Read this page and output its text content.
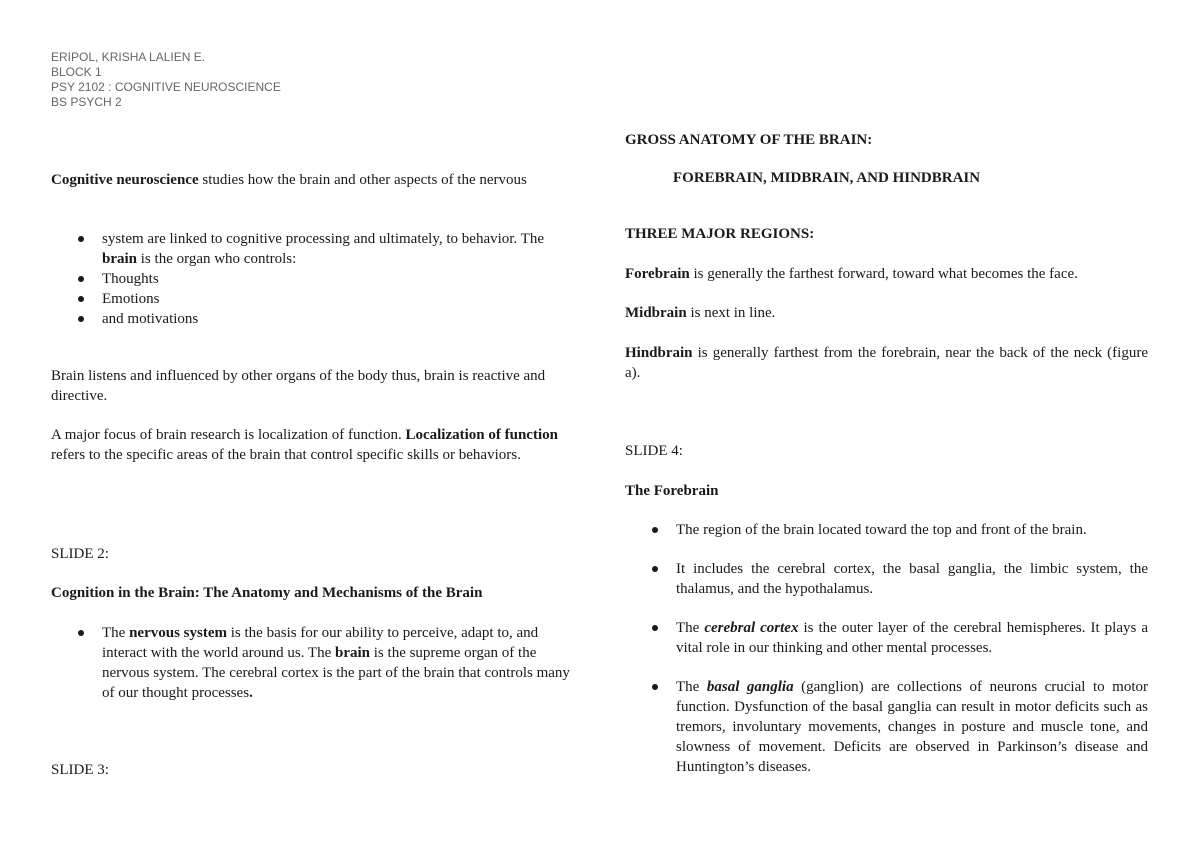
ERIPOL, KRISHA LALIEN E.
BLOCK 1
PSY 2102 : COGNITIVE NEUROSCIENCE
BS PSYCH 2

Cognitive neuroscience studies how the brain and other aspects of the nervous

system are linked to cognitive processing and ultimately, to behavior. The brain is the organ who controls:
Thoughts
Emotions
and motivations

Brain listens and influenced by other organs of the body thus, brain is reactive and directive.

A major focus of brain research is localization of function. Localization of function refers to the specific areas of the brain that control specific skills or behaviors.

SLIDE 2:
Cognition in the Brain: The Anatomy and Mechanisms of the Brain
The nervous system is the basis for our ability to perceive, adapt to, and interact with the world around us. The brain is the supreme organ of the nervous system. The cerebral cortex is the part of the brain that controls many of our thought processes.
SLIDE 3:
GROSS ANATOMY OF THE BRAIN:
FOREBRAIN, MIDBRAIN, AND HINDBRAIN
THREE MAJOR REGIONS:

Forebrain is generally the farthest forward, toward what becomes the face.

Midbrain is next in line.

Hindbrain is generally farthest from the forebrain, near the back of the neck (figure a).

SLIDE 4:
The Forebrain
The region of the brain located toward the top and front of the brain.
It includes the cerebral cortex, the basal ganglia, the limbic system, the thalamus, and the hypothalamus.
The cerebral cortex is the outer layer of the cerebral hemispheres. It plays a vital role in our thinking and other mental processes.
The basal ganglia (ganglion) are collections of neurons crucial to motor function. Dysfunction of the basal ganglia can result in motor deficits such as tremors, involuntary movements, changes in posture and muscle tone, and slowness of movement. Deficits are observed in Parkinson’s disease and Huntington’s diseases.
